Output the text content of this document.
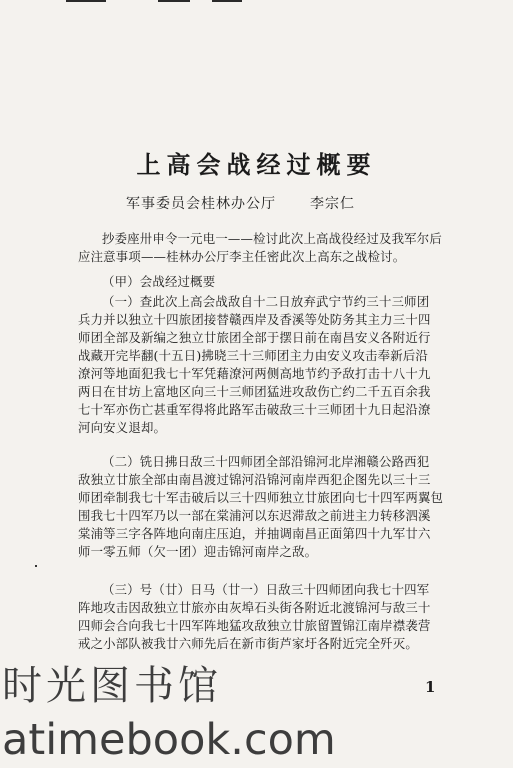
上高会战经过概要
军事委员会桂林办公厅 李宗仁
抄委座卅申令一元电一——检讨此次上高战役经过及我军尔后
应注意事项——桂林办公厅李主任密此次上高东之战检讨。
（甲）会战经过概要
（一）查此次上高会战敌自十二日放弃武宁节约三十三师团
兵力并以独立十四旅团接替赣西岸及香溪等处防务其主力三十四
师团全部及新编之独立廿旅团全部于摆日前在南昌安义各附近行
战藏开完毕翻(十五日)拂晓三十三师团主力由安义攻击奉新后沿
潦河等地面犯我七十军凭藉潦河两侧高地节约予敌打击十八十九
两日在甘坊上富地区向三十三师团猛进攻敌伤亡约二千五百余我
七十军亦伤亡甚重军得将此路军击破敌三十三师团十九日起沿潦
河向安义退却。
（二）铣日拂日敌三十四师团全部沿锦河北岸湘赣公路西犯
敌独立廿旅全部由南昌渡过锦河沿锦河南岸西犯企图先以三十三
师团牵制我七十军击破后以三十四师独立廿旅团向七十四军两翼包
围我七十四军乃以一部在棠浦河以东迟滞敌之前进主力转移泗溪
棠浦等三字各阵地向南庄压迫，并抽调南昌正面第四十九军廿六
师一零五师（欠一团）迎击锦河南岸之敌。
（三）号（廿）日马（廿一）日敌三十四师团向我七十四军
阵地攻击因敌独立廿旅亦由灰埠石头街各附近北渡锦河与敌三十
四师会合向我七十四军阵地猛攻敌独立廿旅留置锦江南岸襟袭营
戒之小部队被我廿六师先后在新市街芦家圩各附近完全歼灭。
1

时光图书馆

atimebook.com
